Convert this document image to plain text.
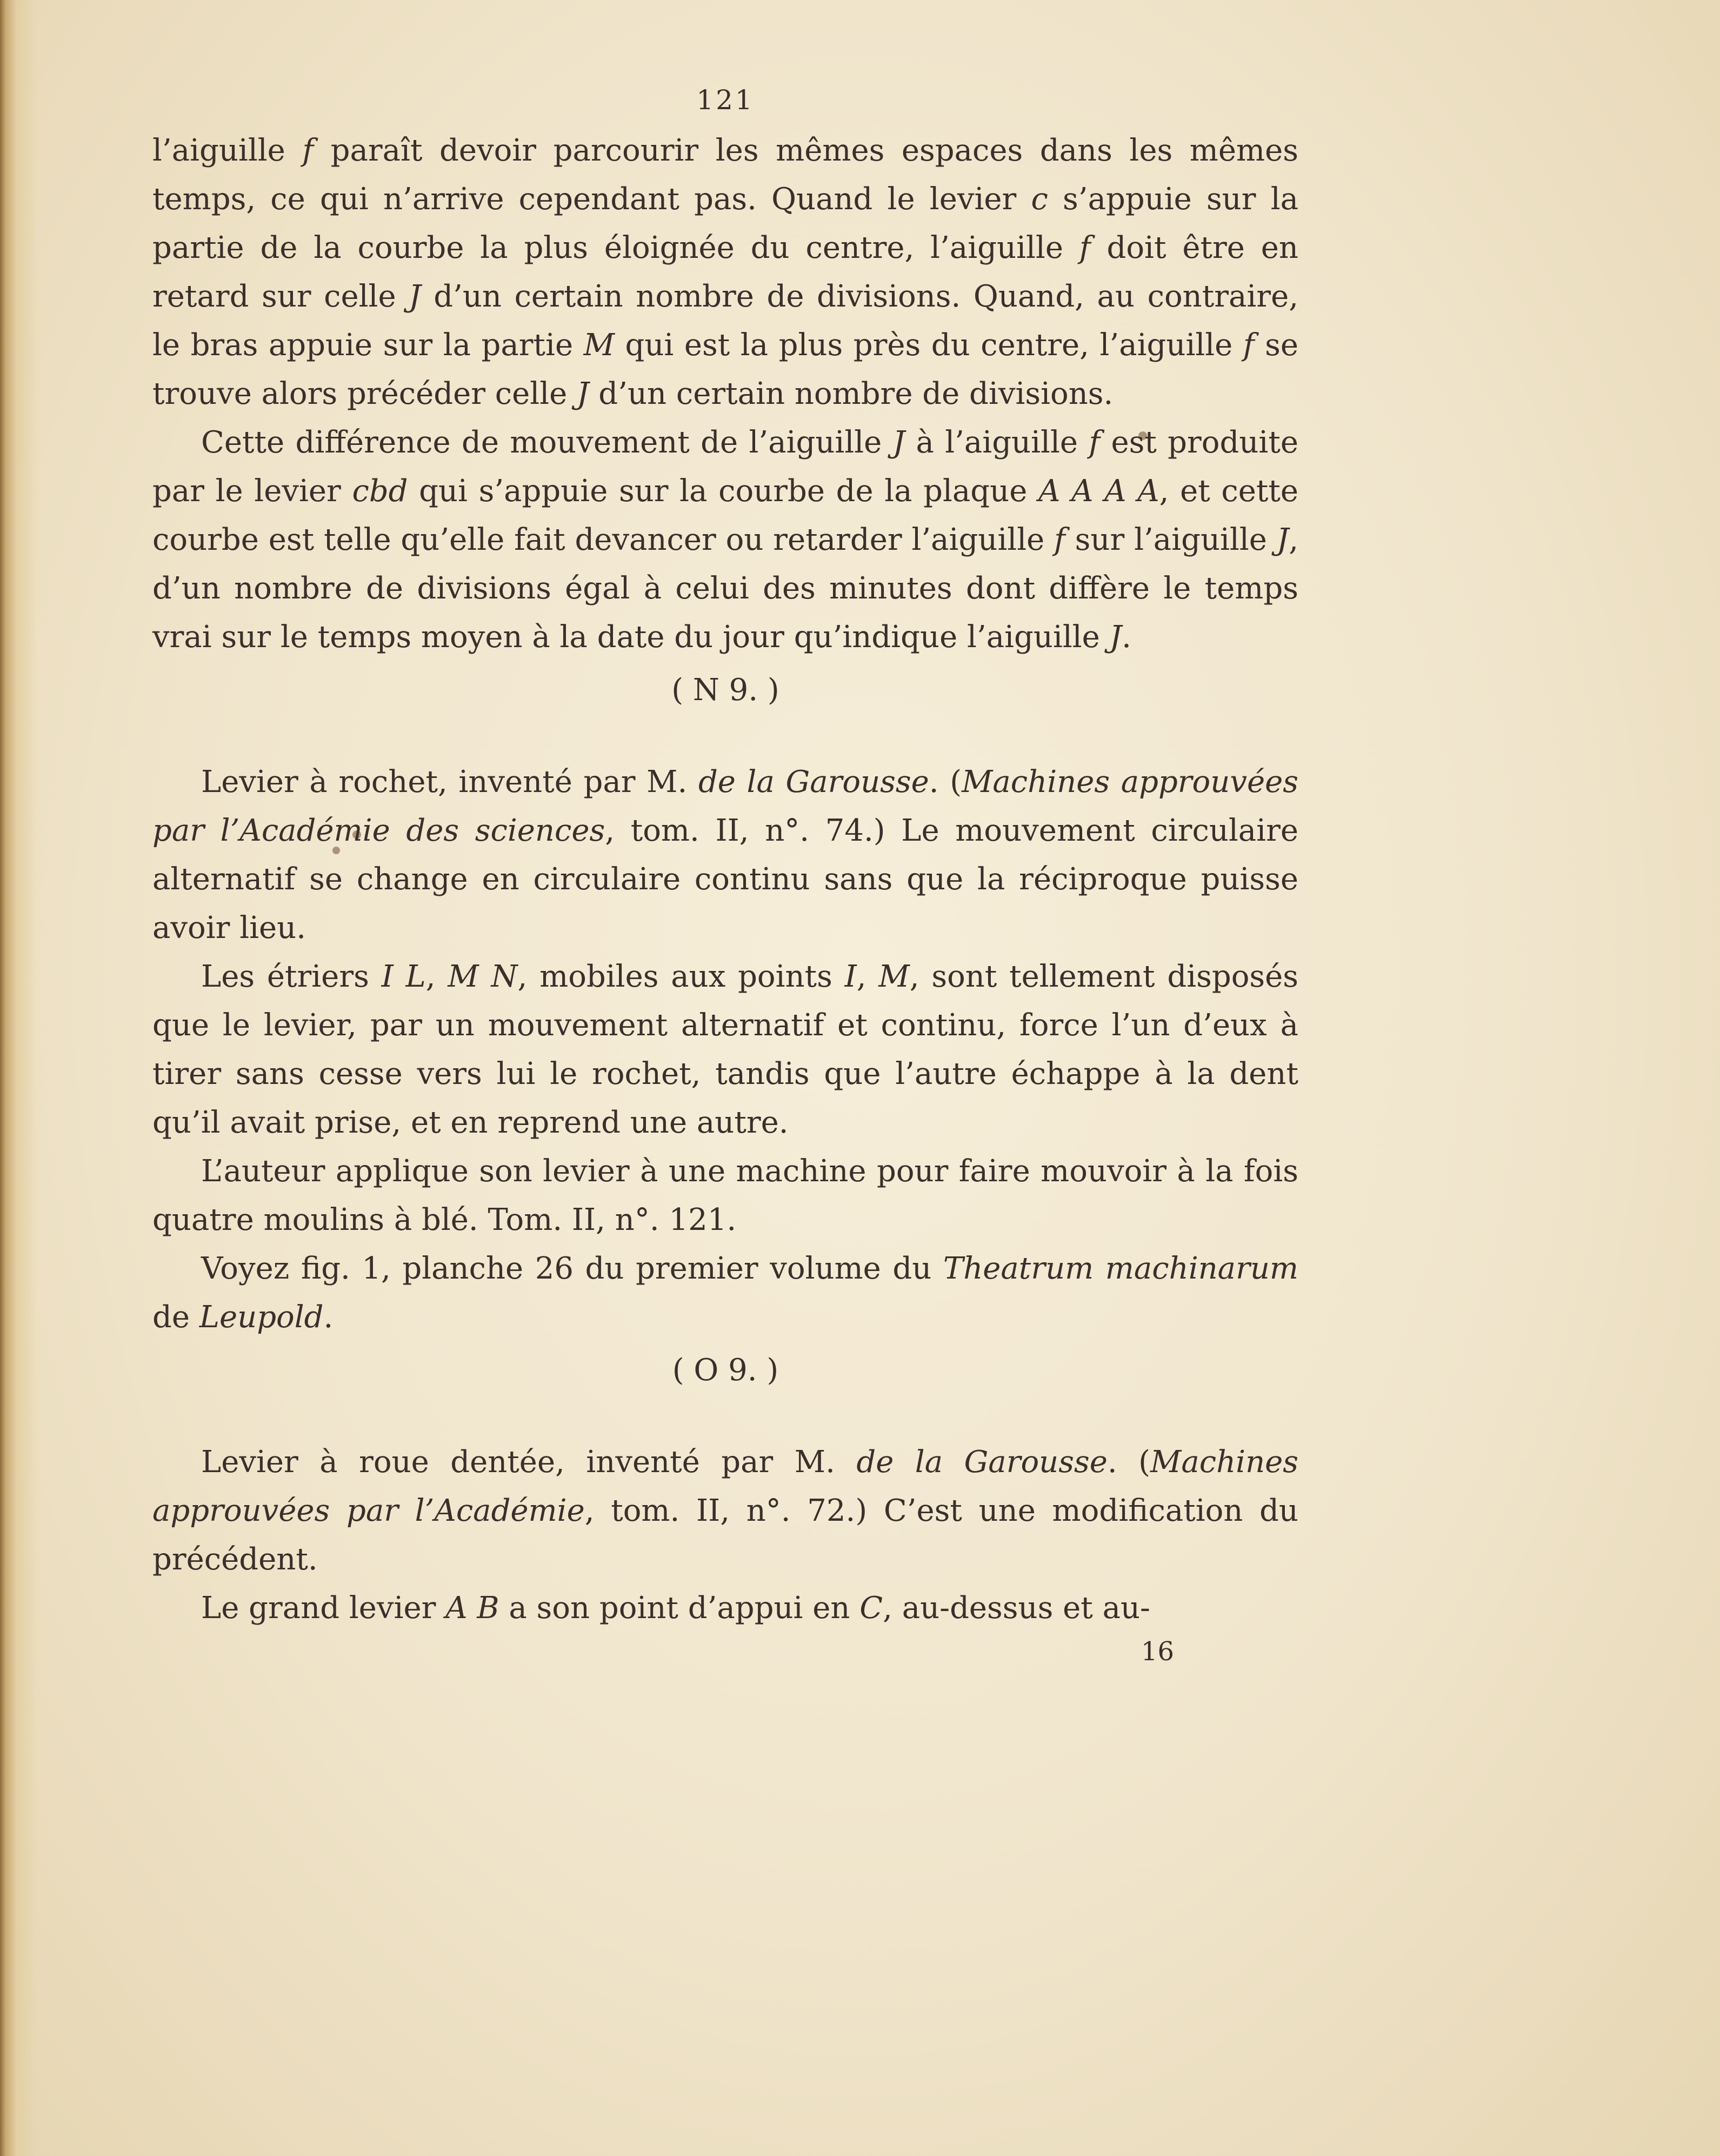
121

l’aiguille f paraît devoir parcourir les mêmes espaces dans les mêmes temps, ce qui n’arrive cependant pas. Quand le levier c s’appuie sur la partie de la courbe la plus éloignée du centre, l’aiguille f doit être en retard sur celle J d’un certain nombre de divisions. Quand, au contraire, le bras appuie sur la partie M qui est la plus près du centre, l’aiguille f se trouve alors précéder celle J d’un certain nombre de divisions.

Cette différence de mouvement de l’aiguille J à l’aiguille f est produite par le levier cbd qui s’appuie sur la courbe de la plaque A A A A, et cette courbe est telle qu’elle fait devancer ou retarder l’aiguille f sur l’aiguille J, d’un nombre de divisions égal à celui des minutes dont diffère le temps vrai sur le temps moyen à la date du jour qu’indique l’aiguille J.

( N 9. )

Levier à rochet, inventé par M. de la Garousse. (Machines approuvées par l’Académie des sciences, tom. II, n°. 74.) Le mouvement circulaire alternatif se change en circulaire continu sans que la réciproque puisse avoir lieu.

Les étriers I L, M N, mobiles aux points I, M, sont tellement disposés que le levier, par un mouvement alternatif et continu, force l’un d’eux à tirer sans cesse vers lui le rochet, tandis que l’autre échappe à la dent qu’il avait prise, et en reprend une autre.

L’auteur applique son levier à une machine pour faire mouvoir à la fois quatre moulins à blé. Tom. II, n°. 121.

Voyez fig. 1, planche 26 du premier volume du Theatrum machinarum de Leupold.

( O 9. )

Levier à roue dentée, inventé par M. de la Garousse. (Machines approuvées par l’Académie, tom. II, n°. 72.) C’est une modification du précédent.

Le grand levier A B a son point d’appui en C, au-dessus et au-

16
